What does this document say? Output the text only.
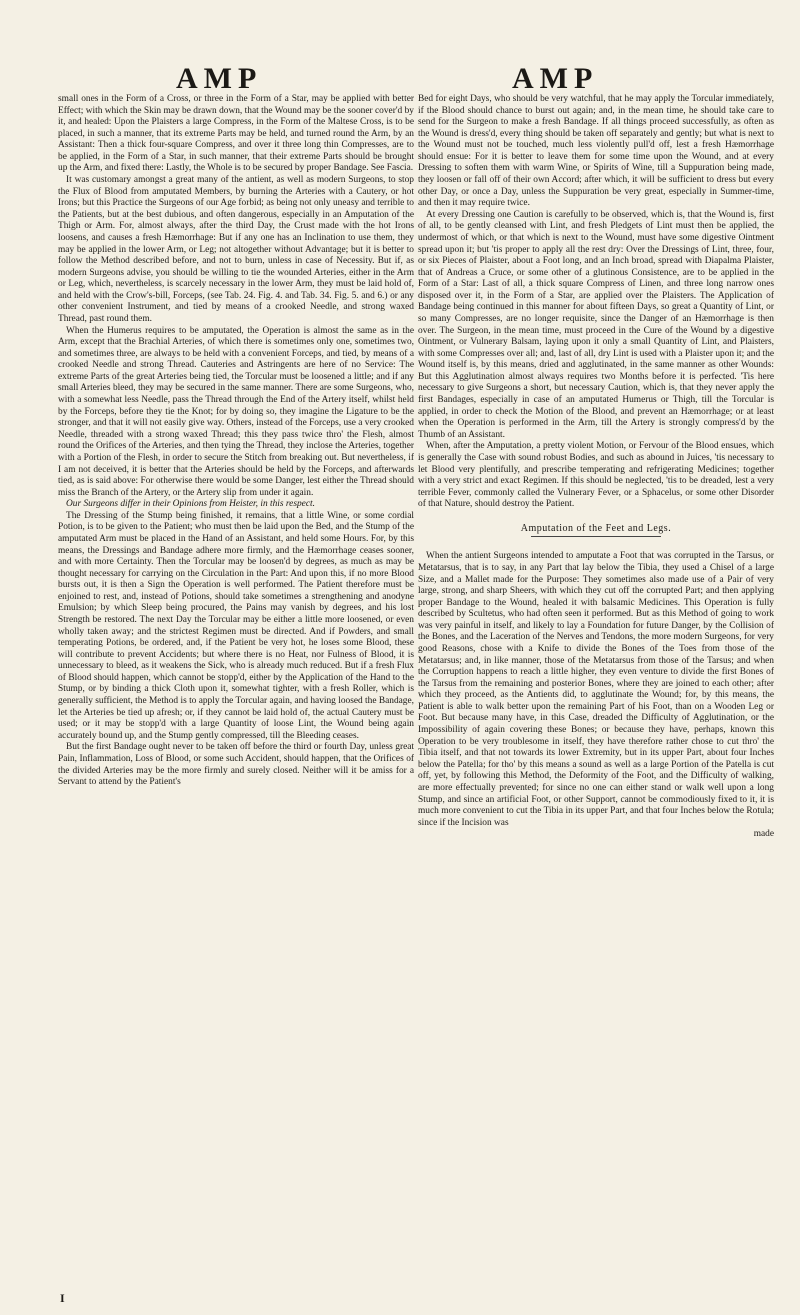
AMP	AMP

small ones in the Form of a Cross, or three in the Form of a Star, may be applied with better Effect; with which the Skin may be drawn down, that the Wound may be the sooner cover'd by it, and healed: Upon the Plaisters a large Compress, in the Form of the Maltese Cross, is to be placed, in such a manner, that its extreme Parts may be held, and turned round the Arm, by an Assistant: Then a thick four-square Compress, and over it three long thin Compresses, are to be applied, in the Form of a Star, in such manner, that their extreme Parts should be brought up the Arm, and fixed there: Lastly, the Whole is to be secured by proper Bandage. See Fascia.

It was customary amongst a great many of the antient, as well as modern Surgeons, to stop the Flux of Blood from amputated Members, by burning the Arteries with a Cautery, or hot Irons; but this Practice the Surgeons of our Age forbid; as being not only uneasy and terrible to the Patients, but at the best dubious, and often dangerous, especially in an Amputation of the Thigh or Arm. For, almost always, after the third Day, the Crust made with the hot Irons loosens, and causes a fresh Hæmorrhage: But if any one has an Inclination to use them, they may be applied in the lower Arm, or Leg; not altogether without Advantage; but it is better to follow the Method described before, and not to burn, unless in case of Necessity. But if, as modern Surgeons advise, you should be willing to tie the wounded Arteries, either in the Arm or Leg, which, nevertheless, is scarcely necessary in the lower Arm, they must be laid hold of, and held with the Crow's-bill, Forceps, (see Tab. 24. Fig. 4. and Tab. 34. Fig. 5. and 6.) or any other convenient Instrument, and tied by means of a crooked Needle, and strong waxed Thread, past round them.

When the Humerus requires to be amputated, the Operation is almost the same as in the Arm, except that the Brachial Arteries, of which there is sometimes only one, sometimes two, and sometimes three, are always to be held with a convenient Forceps, and tied, by means of a crooked Needle and strong Thread. Cauteries and Astringents are here of no Service: The extreme Parts of the great Arteries being tied, the Torcular must be loosened a little; and if any small Arteries bleed, they may be secured in the same manner. There are some Surgeons, who, with a somewhat less Needle, pass the Thread through the End of the Artery itself, whilst held by the Forceps, before they tie the Knot; for by doing so, they imagine the Ligature to be the stronger, and that it will not easily give way. Others, instead of the Forceps, use a very crooked Needle, threaded with a strong waxed Thread; this they pass twice thro' the Flesh, almost round the Orifices of the Arteries, and then tying the Thread, they inclose the Arteries, together with a Portion of the Flesh, in order to secure the Stitch from breaking out. But nevertheless, if I am not deceived, it is better that the Arteries should be held by the Forceps, and afterwards tied, as is said above: For otherwise there would be some Danger, lest either the Thread should miss the Branch of the Artery, or the Artery slip from under it again.

Our Surgeons differ in their Opinions from Heister, in this respect.

The Dressing of the Stump being finished, it remains, that a little Wine, or some cordial Potion, is to be given to the Patient; who must then be laid upon the Bed, and the Stump of the amputated Arm must be placed in the Hand of an Assistant, and held some Hours. For, by this means, the Dressings and Bandage adhere more firmly, and the Hæmorrhage ceases sooner, and with more Certainty. Then the Torcular may be loosen'd by degrees, as much as may be thought necessary for carrying on the Circulation in the Part: And upon this, if no more Blood bursts out, it is then a Sign the Operation is well performed. The Patient therefore must be enjoined to rest, and, instead of Potions, should take sometimes a strengthening and anodyne Emulsion; by which Sleep being procured, the Pains may vanish by degrees, and his lost Strength be restored. The next Day the Torcular may be either a little more loosened, or even wholly taken away; and the strictest Regimen must be directed. And if Powders, and small temperating Potions, be ordered, and, if the Patient be very hot, he loses some Blood, these will contribute to prevent Accidents; but where there is no Heat, nor Fulness of Blood, it is unnecessary to bleed, as it weakens the Sick, who is already much reduced. But if a fresh Flux of Blood should happen, which cannot be stopp'd, either by the Application of the Hand to the Stump, or by binding a thick Cloth upon it, somewhat tighter, with a fresh Roller, which is generally sufficient, the Method is to apply the Torcular again, and having loosed the Bandage, let the Arteries be tied up afresh; or, if they cannot be laid hold of, the actual Cautery must be used; or it may be stopp'd with a large Quantity of loose Lint, the Wound being again accurately bound up, and the Stump gently compressed, till the Bleeding ceases.

But the first Bandage ought never to be taken off before the third or fourth Day, unless great Pain, Inflammation, Loss of Blood, or some such Accident, should happen, that the Orifices of the divided Arteries may be the more firmly and surely closed. Neither will it be amiss for a Servant to attend by the Patient's

Bed for eight Days, who should be very watchful, that he may apply the Torcular immediately, if the Blood should chance to burst out again; and, in the mean time, he should take care to send for the Surgeon to make a fresh Bandage. If all things proceed successfully, as often as the Wound is dress'd, every thing should be taken off separately and gently; but what is next to the Wound must not be touched, much less violently pull'd off, lest a fresh Hæmorrhage should ensue: For it is better to leave them for some time upon the Wound, and at every Dressing to soften them with warm Wine, or Spirits of Wine, till a Suppuration being made, they loosen or fall off of their own Accord; after which, it will be sufficient to dress but every other Day, or once a Day, unless the Suppuration be very great, especially in Summer-time, and then it may require twice.

At every Dressing one Caution is carefully to be observed, which is, that the Wound is, first of all, to be gently cleansed with Lint, and fresh Pledgets of Lint must then be applied, the undermost of which, or that which is next to the Wound, must have some digestive Ointment spread upon it; but 'tis proper to apply all the rest dry: Over the Dressings of Lint, three, four, or six Pieces of Plaister, about a Foot long, and an Inch broad, spread with Diapalma Plaister, that of Andreas a Cruce, or some other of a glutinous Consistence, are to be applied in the Form of a Star: Last of all, a thick square Compress of Linen, and three long narrow ones disposed over it, in the Form of a Star, are applied over the Plaisters. The Application of Bandage being continued in this manner for about fifteen Days, so great a Quantity of Lint, or so many Compresses, are no longer requisite, since the Danger of an Hæmorrhage is then over. The Surgeon, in the mean time, must proceed in the Cure of the Wound by a digestive Ointment, or Vulnerary Balsam, laying upon it only a small Quantity of Lint, and Plaisters, with some Compresses over all; and, last of all, dry Lint is used with a Plaister upon it; and the Wound itself is, by this means, dried and agglutinated, in the same manner as other Wounds: But this Agglutination almost always requires two Months before it is perfected. 'Tis here necessary to give Surgeons a short, but necessary Caution, which is, that they never apply the first Bandages, especially in case of an amputated Humerus or Thigh, till the Torcular is applied, in order to check the Motion of the Blood, and prevent an Hæmorrhage; or at least when the Operation is performed in the Arm, till the Artery is strongly compress'd by the Thumb of an Assistant.

When, after the Amputation, a pretty violent Motion, or Fervour of the Blood ensues, which is generally the Case with sound robust Bodies, and such as abound in Juices, 'tis necessary to let Blood very plentifully, and prescribe temperating and refrigerating Medicines; together with a very strict and exact Regimen. If this should be neglected, 'tis to be dreaded, lest a very terrible Fever, commonly called the Vulnerary Fever, or a Sphacelus, or some other Disorder of that Nature, should destroy the Patient.

Amputation of the Feet and Legs.

When the antient Surgeons intended to amputate a Foot that was corrupted in the Tarsus, or Metatarsus, that is to say, in any Part that lay below the Tibia, they used a Chisel of a large Size, and a Mallet made for the Purpose: They sometimes also made use of a Pair of very large, strong, and sharp Sheers, with which they cut off the corrupted Part; and then applying proper Bandage to the Wound, healed it with balsamic Medicines. This Operation is fully described by Scultetus, who had often seen it performed. But as this Method of going to work was very painful in itself, and likely to lay a Foundation for future Danger, by the Collision of the Bones, and the Laceration of the Nerves and Tendons, the more modern Surgeons, for very good Reasons, chose with a Knife to divide the Bones of the Toes from those of the Metatarsus; and, in like manner, those of the Metatarsus from those of the Tarsus; and when the Corruption happens to reach a little higher, they even venture to divide the first Bones of the Tarsus from the remaining and posterior Bones, where they are joined to each other; after which they proceed, as the Antients did, to agglutinate the Wound; for, by this means, the Patient is able to walk better upon the remaining Part of his Foot, than on a Wooden Leg or Foot. But because many have, in this Case, dreaded the Difficulty of Agglutination, or the Impossibility of again covering these Bones; or because they have, perhaps, known this Operation to be very troublesome in itself, they have therefore rather chose to cut thro' the Tibia itself, and that not towards its lower Extremity, but in its upper Part, about four Inches below the Patella; for tho' by this means a sound as well as a large Portion of the Patella is cut off, yet, by following this Method, the Deformity of the Foot, and the Difficulty of walking, are more effectually prevented; for since no one can either stand or walk well upon a long Stump, and since an artificial Foot, or other Support, cannot be commodiously fixed to it, it is much more convenient to cut the Tibia in its upper Part, and that four Inches below the Rotula; since if the Incision was

made

I
